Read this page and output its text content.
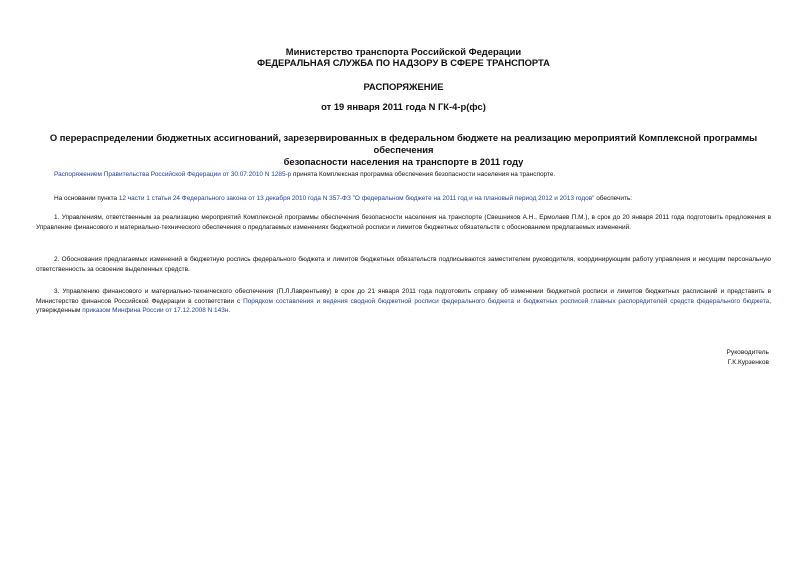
Министерство транспорта Российской Федерации
ФЕДЕРАЛЬНАЯ СЛУЖБА ПО НАДЗОРУ В СФЕРЕ ТРАНСПОРТА
РАСПОРЯЖЕНИЕ
от 19 января 2011 года N ГК-4-р(фс)
О перераспределении бюджетных ассигнований, зарезервированных в федеральном бюджете на реализацию мероприятий Комплексной программы обеспечения
безопасности населения на транспорте в 2011 году

Распоряжением Правительства Российской Федерации от 30.07.2010 N 1285-р принята Комплексная программа обеспечения безопасности населения на транспорте.

На основании пункта 12 части 1 статьи 24 Федерального закона от 13 декабря 2010 года N 357-ФЗ "О федеральном бюджете на 2011 год и на плановый период 2012 и 2013 годов" обеспечить:

1. Управлениям, ответственным за реализацию мероприятий Комплексной программы обеспечения безопасности населения на транспорте (Свешников А.Н., Ермолаев П.М.), в срок до 20 января 2011 года подготовить предложения в Управление финансового и материально-технического обеспечения о предлагаемых изменениях бюджетной росписи и лимитов бюджетных обязательств с обоснованием предлагаемых изменений.

2. Обоснования предлагаемых изменений в бюджетную роспись федерального бюджета и лимитов бюджетных обязательств подписываются заместителем руководителя, координирующим работу управления и несущим персональную ответственность за освоение выделенных средств.

3. Управлению финансового и материально-технического обеспечения (П.Л.Лаврентьеву) в срок до 21 января 2011 года подготовить справку об изменении бюджетной росписи и лимитов бюджетных расписаний и представить в Министерство финансов Российской Федерации в соответствии с Порядком составления и ведения сводной бюджетной росписи федерального бюджета и бюджетных росписей главных распорядителей средств федерального бюджета, утвержденным приказом Минфина России от 17.12.2008 N 143н.

Руководитель
Г.К.Курзенков
